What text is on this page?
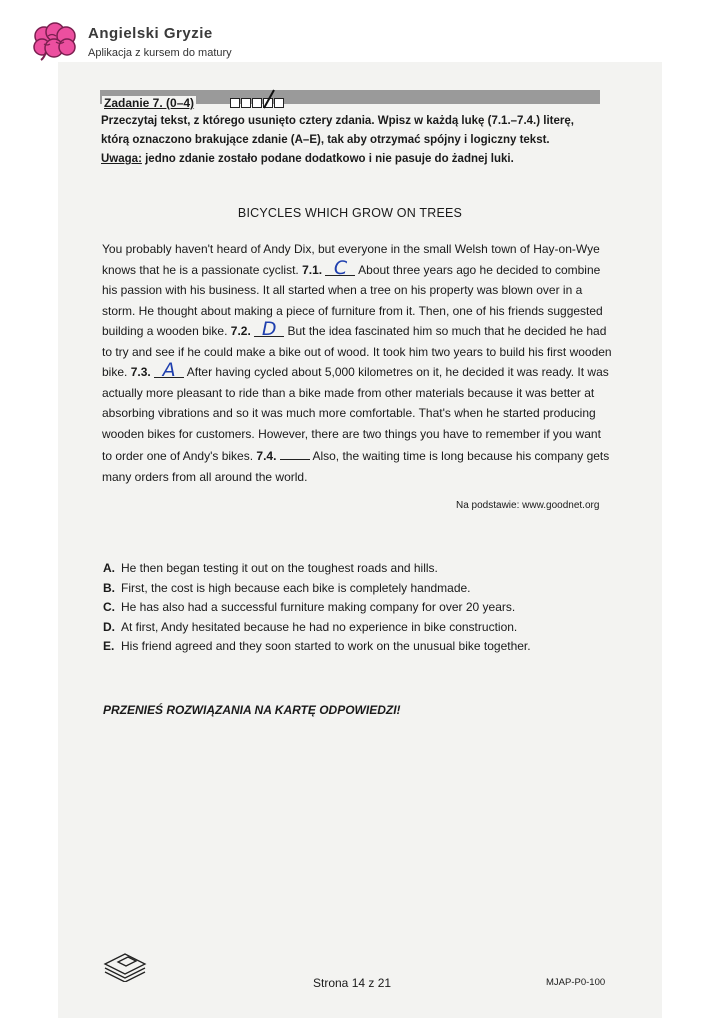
Angielski Gryzie
Aplikacja z kursem do matury
Zadanie 7. (0–4)
Przeczytaj tekst, z którego usunięto cztery zdania. Wpisz w każdą lukę (7.1.–7.4.) literę,
którą oznaczono brakujące zdanie (A–E), tak aby otrzymać spójny i logiczny tekst.
Uwaga: jedno zdanie zostało podane dodatkowo i nie pasuje do żadnej luki.
BICYCLES WHICH GROW ON TREES
You probably haven't heard of Andy Dix, but everyone in the small Welsh town of Hay-on-Wye knows that he is a passionate cyclist. 7.1. C About three years ago he decided to combine his passion with his business. It all started when a tree on his property was blown over in a storm. He thought about making a piece of furniture from it. Then, one of his friends suggested building a wooden bike. 7.2. D But the idea fascinated him so much that he decided he had to try and see if he could make a bike out of wood. It took him two years to build his first wooden bike. 7.3. A After having cycled about 5,000 kilometres on it, he decided it was ready. It was actually more pleasant to ride than a bike made from other materials because it was better at absorbing vibrations and so it was much more comfortable. That's when he started producing wooden bikes for customers. However, there are two things you have to remember if you want to order one of Andy's bikes. 7.4.	Also, the waiting time is long because his company gets many orders from all around the world.
Na podstawie: www.goodnet.org
A. He then began testing it out on the toughest roads and hills.
B. First, the cost is high because each bike is completely handmade.
C. He has also had a successful furniture making company for over 20 years.
D. At first, Andy hesitated because he had no experience in bike construction.
E. His friend agreed and they soon started to work on the unusual bike together.
PRZENIEŚ ROZWIĄZANIA NA KARTĘ ODPOWIEDZI!
Strona 14 z 21	MJAP-P0-100
